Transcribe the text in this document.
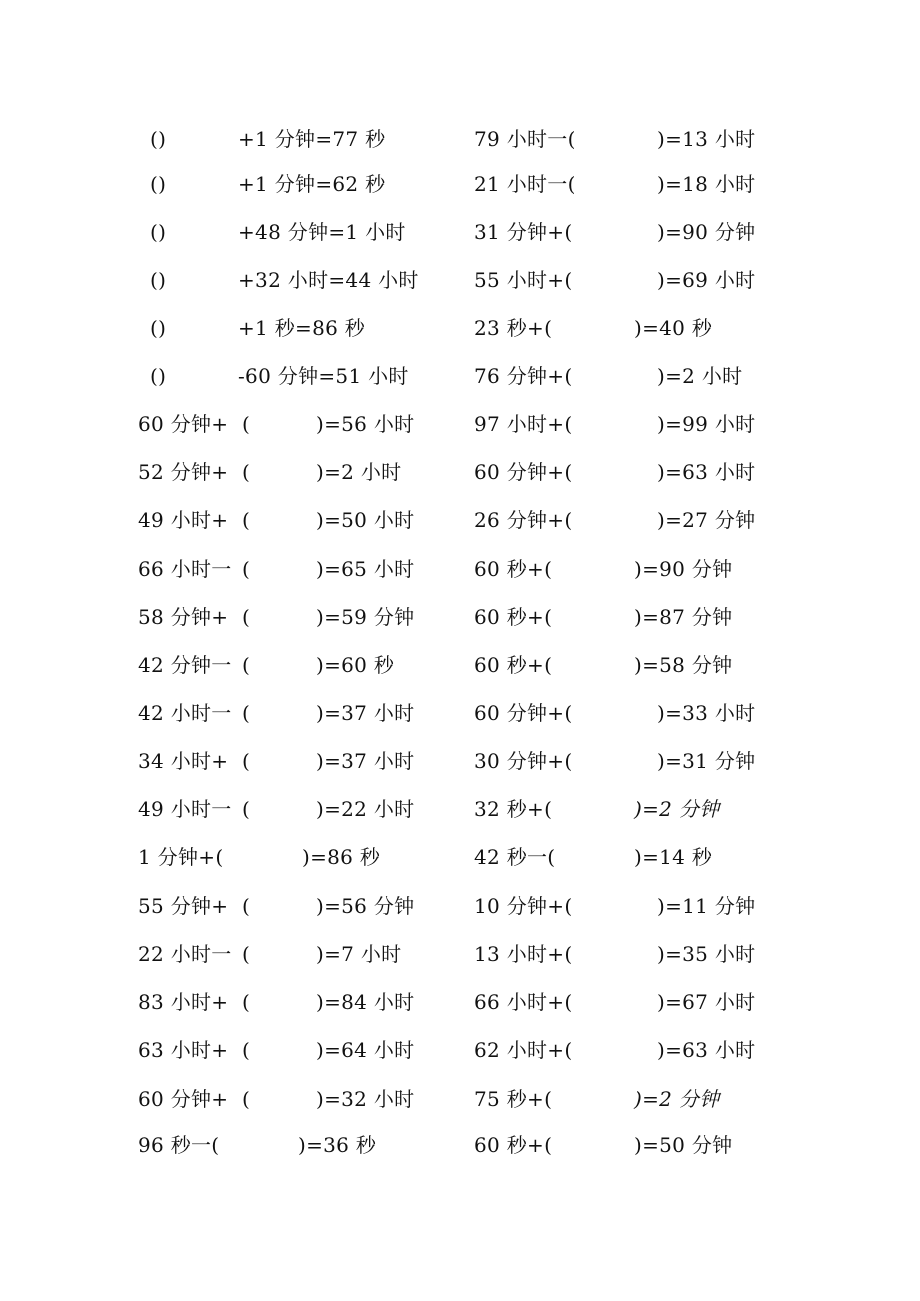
()	+1 分钟=77 秒	79 小时一(	)=13 小时
()	+1 分钟=62 秒	21 小时一(	)=18 小时
()	+48 分钟=1 小时	31 分钟+(	)=90 分钟
()	+32 小时=44 小时	55 小时+(	)=69 小时
()	+1 秒=86 秒	23 秒+(	)=40 秒
()	-60 分钟=51 小时	76 分钟+(	)=2 小时
60 分钟+ (	)=56 小时	97 小时+(	)=99 小时
52 分钟+ (	)=2 小时	60 分钟+(	)=63 小时
49 小时+ (	)=50 小时	26 分钟+(	)=27 分钟
66 小时一 (	)=65 小时	60 秒+(	)=90 分钟
58 分钟+ (	)=59 分钟	60 秒+(	)=87 分钟
42 分钟一 (	)=60 秒	60 秒+(	)=58 分钟
42 小时一 (	)=37 小时	60 分钟+(	)=33 小时
34 小时+ (	)=37 小时	30 分钟+(	)=31 分钟
49 小时一 (	)=22 小时	32 秒+(	)=2 分钟
1 分钟+(	)=86 秒	42 秒一(	)=14 秒
55 分钟+ (	)=56 分钟	10 分钟+(	)=11 分钟
22 小时一 (	)=7 小时	13 小时+(	)=35 小时
83 小时+ (	)=84 小时	66 小时+(	)=67 小时
63 小时+ (	)=64 小时	62 小时+(	)=63 小时
60 分钟+ (	)=32 小时	75 秒+(	)=2 分钟
96 秒一(	)=36 秒	60 秒+(	)=50 分钟
